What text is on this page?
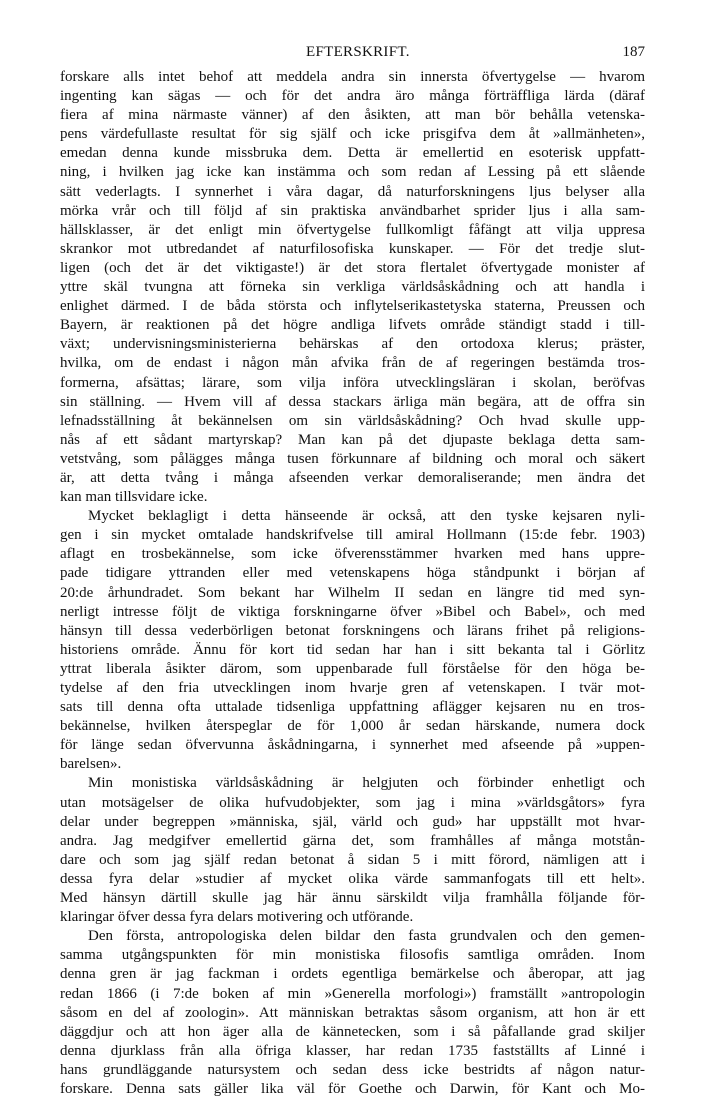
EFTERSKRIFT.	187
forskare alls intet behof att meddela andra sin innersta öfvertygelse — hvarom
ingenting kan sägas — och för det andra äro många förträffliga lärda (däraf
fiera af mina närmaste vänner) af den åsikten, att man bör behålla vetenska-
pens värdefullaste resultat för sig själf och icke prisgifva dem åt »allmänheten»,
emedan denna kunde missbruka dem. Detta är emellertid en esoterisk uppfatt-
ning, i hvilken jag icke kan instämma och som redan af Lessing på ett slående
sätt vederlagts. I synnerhet i våra dagar, då naturforskningens ljus belyser alla
mörka vrår och till följd af sin praktiska användbarhet sprider ljus i alla sam-
hällsklasser, är det enligt min öfvertygelse fullkomligt fåfängt att vilja uppresa
skrankor mot utbredandet af naturfilosofiska kunskaper. — För det tredje slut-
ligen (och det är det viktigaste!) är det stora flertalet öfvertygade monister af
yttre skäl tvungna att förneka sin verkliga världsåskådning och att handla i
enlighet därmed. I de båda största och inflytelserikastetyska staterna, Preussen och
Bayern, är reaktionen på det högre andliga lifvets område ständigt stadd i till-
växt; undervisningsministerierna behärskas af den ortodoxa klerus; präster,
hvilka, om de endast i någon mån afvika från de af regeringen bestämda tros-
formerna, afsättas; lärare, som vilja införa utvecklingsläran i skolan, beröfvas
sin ställning. — Hvem vill af dessa stackars ärliga män begära, att de offra sin
lefnadsställning åt bekännelsen om sin världsåskådning? Och hvad skulle upp-
nås af ett sådant martyrskap? Man kan på det djupaste beklaga detta sam-
vetstvång, som pålägges många tusen förkunnare af bildning och moral och säkert
är, att detta tvång i många afseenden verkar demoraliserande; men ändra det
kan man tillsvidare icke.
Mycket beklagligt i detta hänseende är också, att den tyske kejsaren nyli-
gen i sin mycket omtalade handskrifvelse till amiral Hollmann (15:de febr. 1903)
aflagt en trosbekännelse, som icke öfverensstämmer hvarken med hans uppre-
pade tidigare yttranden eller med vetenskapens höga ståndpunkt i början af
20:de århundradet. Som bekant har Wilhelm II sedan en längre tid med syn-
nerligt intresse följt de viktiga forskningarne öfver »Bibel och Babel», och med
hänsyn till dessa vederbörligen betonat forskningens och lärans frihet på religions-
historiens område. Ännu för kort tid sedan har han i sitt bekanta tal i Görlitz
yttrat liberala åsikter därom, som uppenbarade full förståelse för den höga be-
tydelse af den fria utvecklingen inom hvarje gren af vetenskapen. I tvär mot-
sats till denna ofta uttalade tidsenliga uppfattning aflägger kejsaren nu en tros-
bekännelse, hvilken återspeglar de för 1,000 år sedan härskande, numera dock
för länge sedan öfvervunna åskådningarna, i synnerhet med afseende på »uppen-
barelsen».
Min monistiska världsåskådning är helgjuten och förbinder enhetligt och
utan motsägelser de olika hufvudobjekter, som jag i mina »världsgåtors» fyra
delar under begreppen »människa, själ, värld och gud» har uppställt mot hvar-
andra. Jag medgifver emellertid gärna det, som framhålles af många motstån-
dare och som jag själf redan betonat å sidan 5 i mitt förord, nämligen att i
dessa fyra delar »studier af mycket olika värde sammanfogats till ett helt».
Med hänsyn därtill skulle jag här ännu särskildt vilja framhålla följande för-
klaringar öfver dessa fyra delars motivering och utförande.
Den första, antropologiska delen bildar den fasta grundvalen och den gemen-
samma utgångspunkten för min monistiska filosofis samtliga områden. Inom
denna gren är jag fackman i ordets egentliga bemärkelse och åberopar, att jag
redan 1866 (i 7:de boken af min »Generella morfologi») framställt »antropologin
såsom en del af zoologin». Att människan betraktas såsom organism, att hon är ett
däggdjur och att hon äger alla de kännetecken, som i så påfallande grad skiljer
denna djurklass från alla öfriga klasser, har redan 1735 fastställts af Linné i
hans grundläggande natursystem och sedan dess icke bestridts af någon natur-
forskare. Denna sats gäller lika väl för Goethe och Darwin, för Kant och Mo-
